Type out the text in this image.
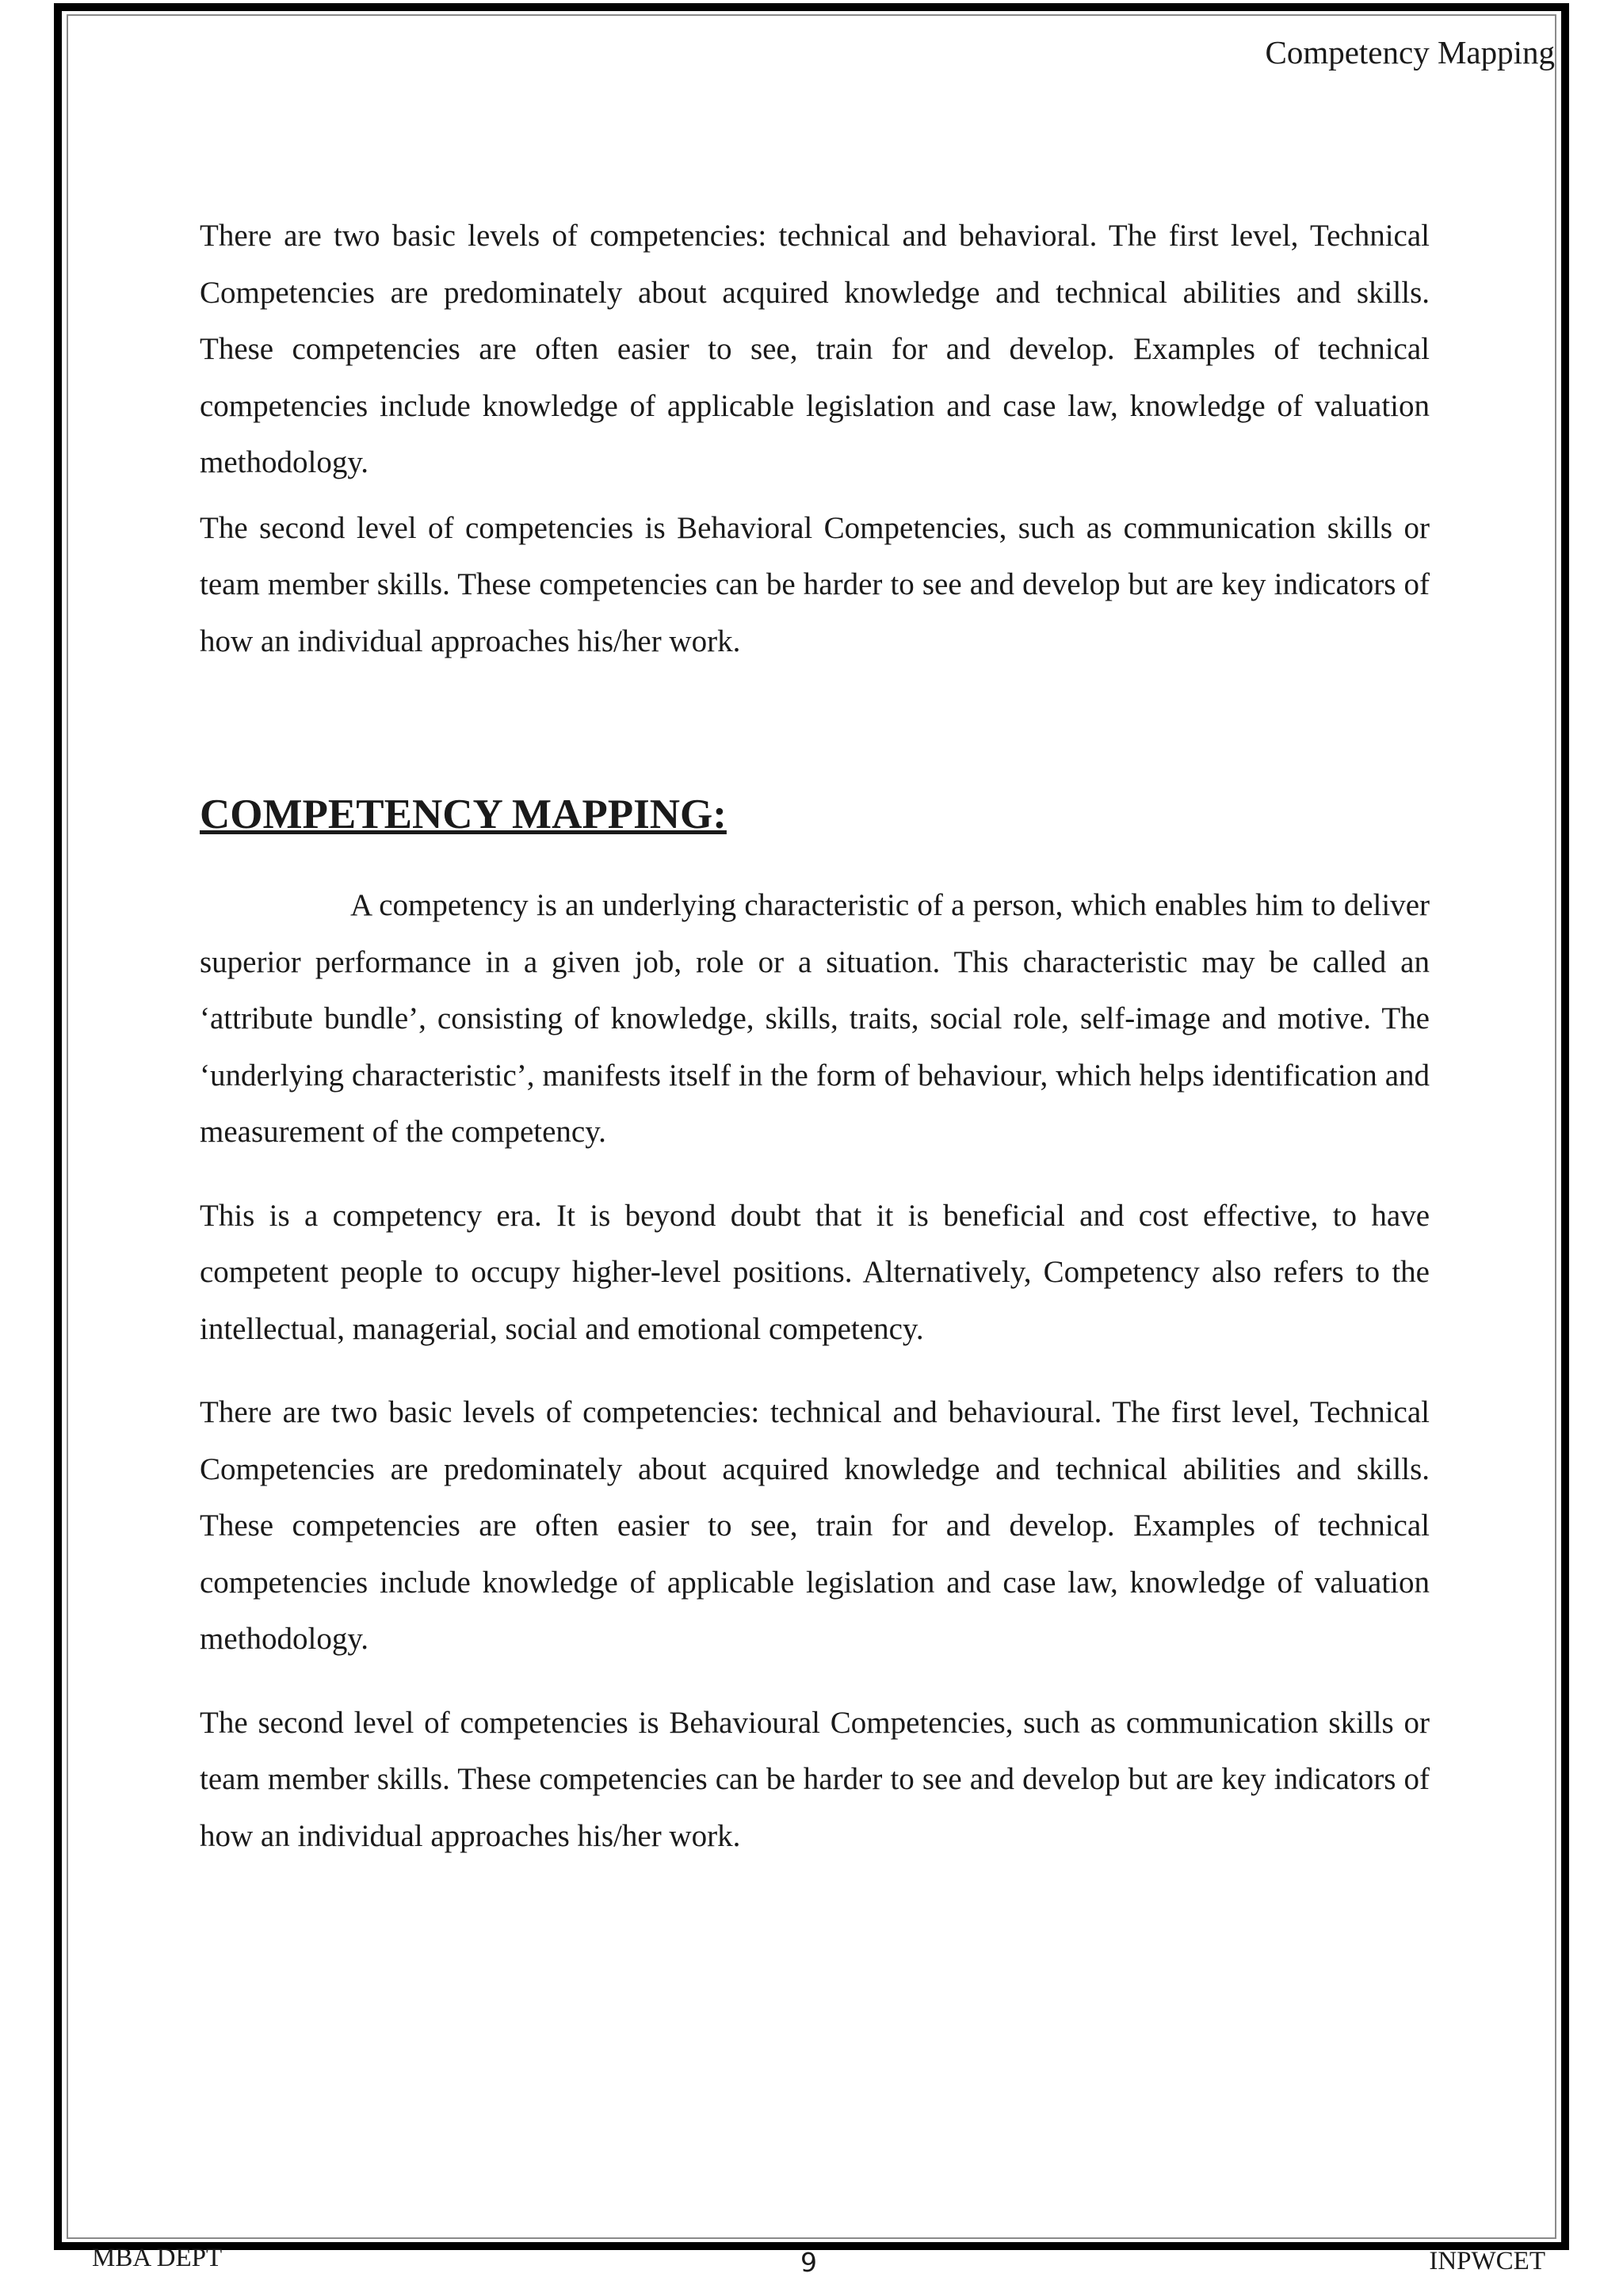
Competency Mapping

There are two basic levels of competencies: technical and behavioral. The first level, Technical Competencies are predominately about acquired knowledge and technical abilities and skills. These competencies are often easier to see, train for and develop. Examples of technical competencies include knowledge of applicable legislation and case law, knowledge of valuation methodology.

The second level of competencies is Behavioral Competencies, such as communication skills or team member skills. These competencies can be harder to see and develop but are key indicators of how an individual approaches his/her work.

COMPETENCY MAPPING:

A competency is an underlying characteristic of a person, which enables him to deliver superior performance in a given job, role or a situation. This characteristic may be called an ‘attribute bundle’, consisting of knowledge, skills, traits, social role, self-image and motive. The ‘underlying characteristic’, manifests itself in the form of behaviour, which helps identification and measurement of the competency.

This is a competency era. It is beyond doubt that it is beneficial and cost effective, to have competent people to occupy higher-level positions. Alternatively, Competency also refers to the intellectual, managerial, social and emotional competency.

There are two basic levels of competencies: technical and behavioural. The first level, Technical Competencies are predominately about acquired knowledge and technical abilities and skills. These competencies are often easier to see, train for and develop. Examples of technical competencies include knowledge of applicable legislation and case law, knowledge of valuation methodology.

The second level of competencies is Behavioural Competencies, such as communication skills or team member skills. These competencies can be harder to see and develop but are key indicators of how an individual approaches his/her work.

MBA DEPT	9	INPWCET
